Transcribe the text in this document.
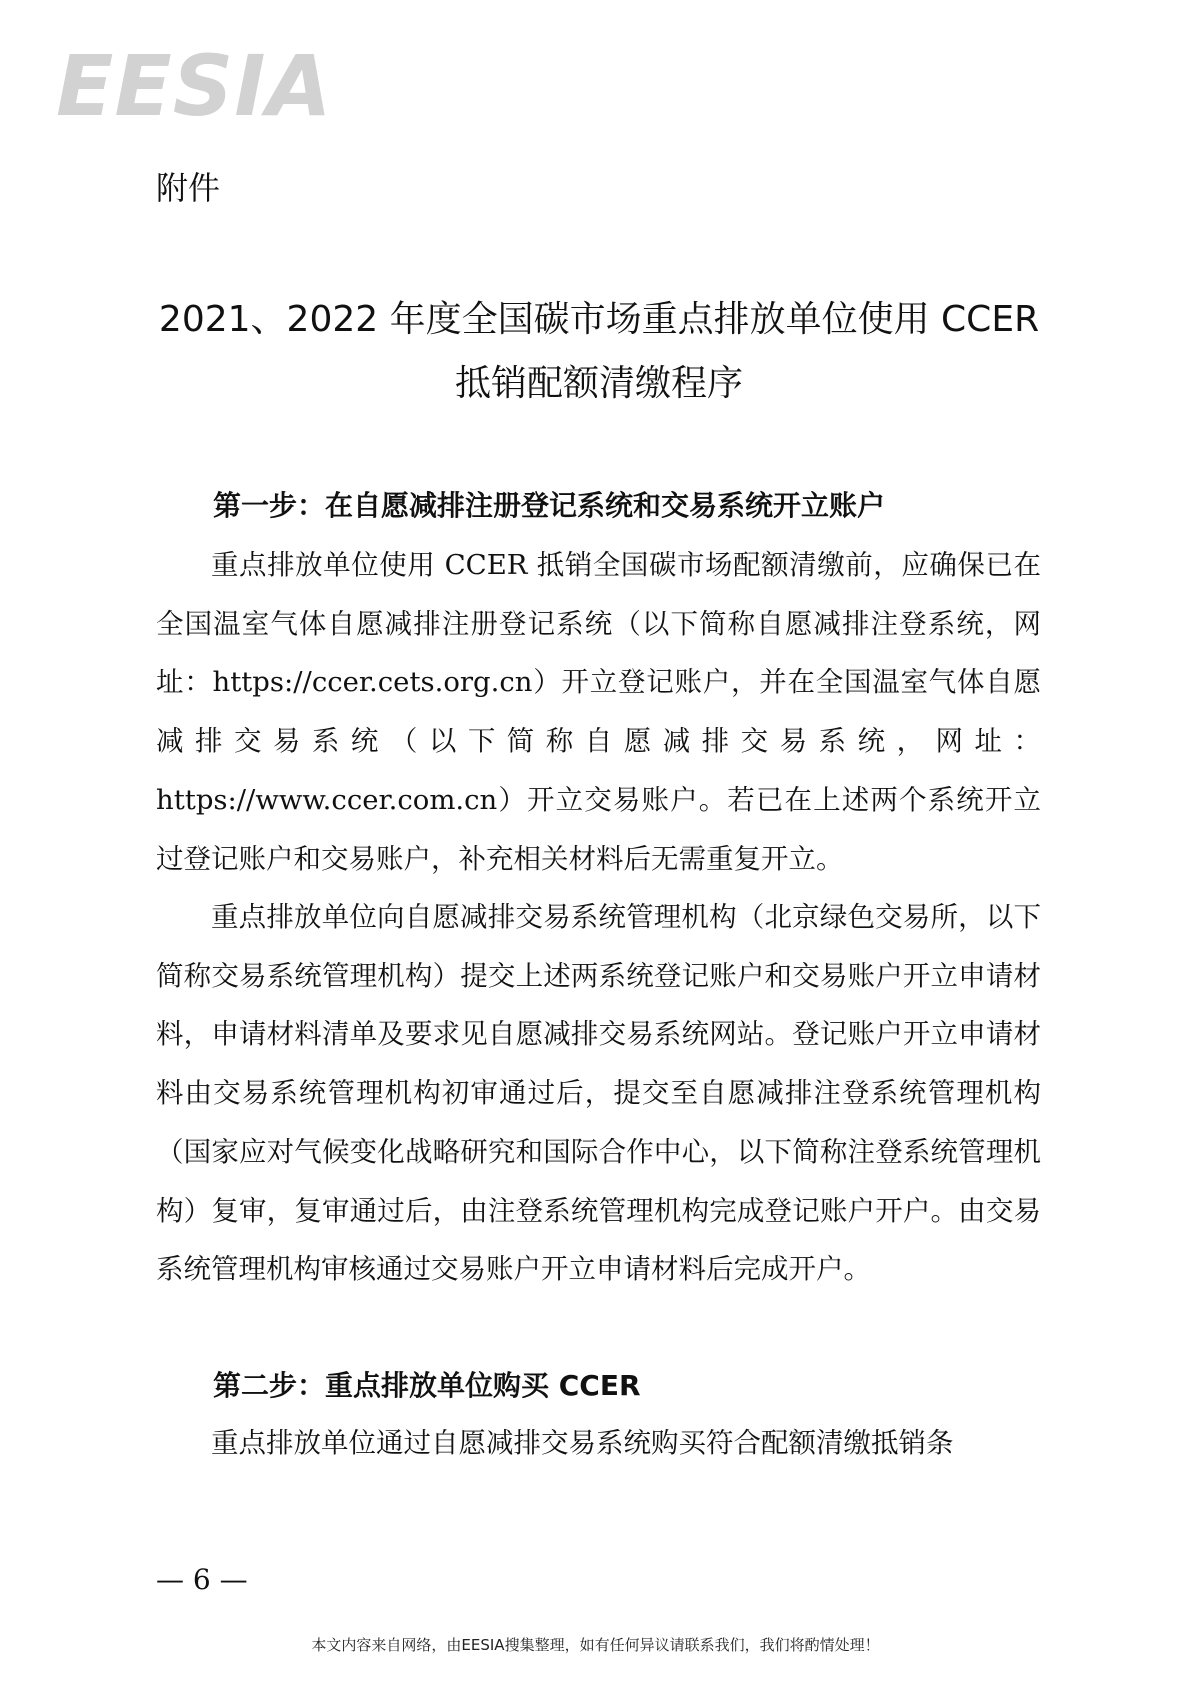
EESIA
附件
2021、2022 年度全国碳市场重点排放单位使用 CCER
抵销配额清缴程序
第一步：在自愿减排注册登记系统和交易系统开立账户

重点排放单位使用 CCER 抵销全国碳市场配额清缴前，应确保已在全国温室气体自愿减排注册登记系统（以下简称自愿减排注登系统，网址：https://ccer.cets.org.cn）开立登记账户，并在全国温室气体自愿减排交易系统（以下简称自愿减排交易系统，网址：https://www.ccer.com.cn）开立交易账户。若已在上述两个系统开立过登记账户和交易账户，补充相关材料后无需重复开立。

重点排放单位向自愿减排交易系统管理机构（北京绿色交易所，以下简称交易系统管理机构）提交上述两系统登记账户和交易账户开立申请材料，申请材料清单及要求见自愿减排交易系统网站。登记账户开立申请材料由交易系统管理机构初审通过后，提交至自愿减排注登系统管理机构（国家应对气候变化战略研究和国际合作中心，以下简称注登系统管理机构）复审，复审通过后，由注登系统管理机构完成登记账户开户。由交易系统管理机构审核通过交易账户开立申请材料后完成开户。

第二步：重点排放单位购买 CCER

重点排放单位通过自愿减排交易系统购买符合配额清缴抵销条

— 6 —
本文内容来自网络，由EESIA搜集整理，如有任何异议请联系我们，我们将酌情处理！
